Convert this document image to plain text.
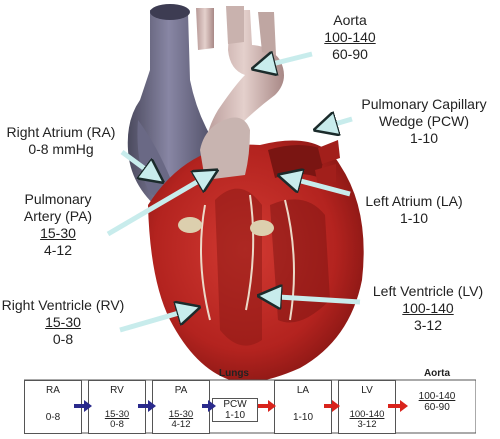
Aorta
100-140
60-90
Pulmonary Capillary
Wedge (PCW)
1-10
Right Atrium (RA)
0-8 mmHg
Left Atrium (LA)
1-10
Pulmonary
Artery (PA)
15-30
4-12
Right Ventricle (RV)
15-30
0-8
Left Ventricle (LV)
100-140
3-12
RA
0-8
RV
15-30
0-8
PA
15-30
4-12
Lungs
PCW
1-10
LA
1-10
LV
100-140
3-12
Aorta
100-140
60-90
